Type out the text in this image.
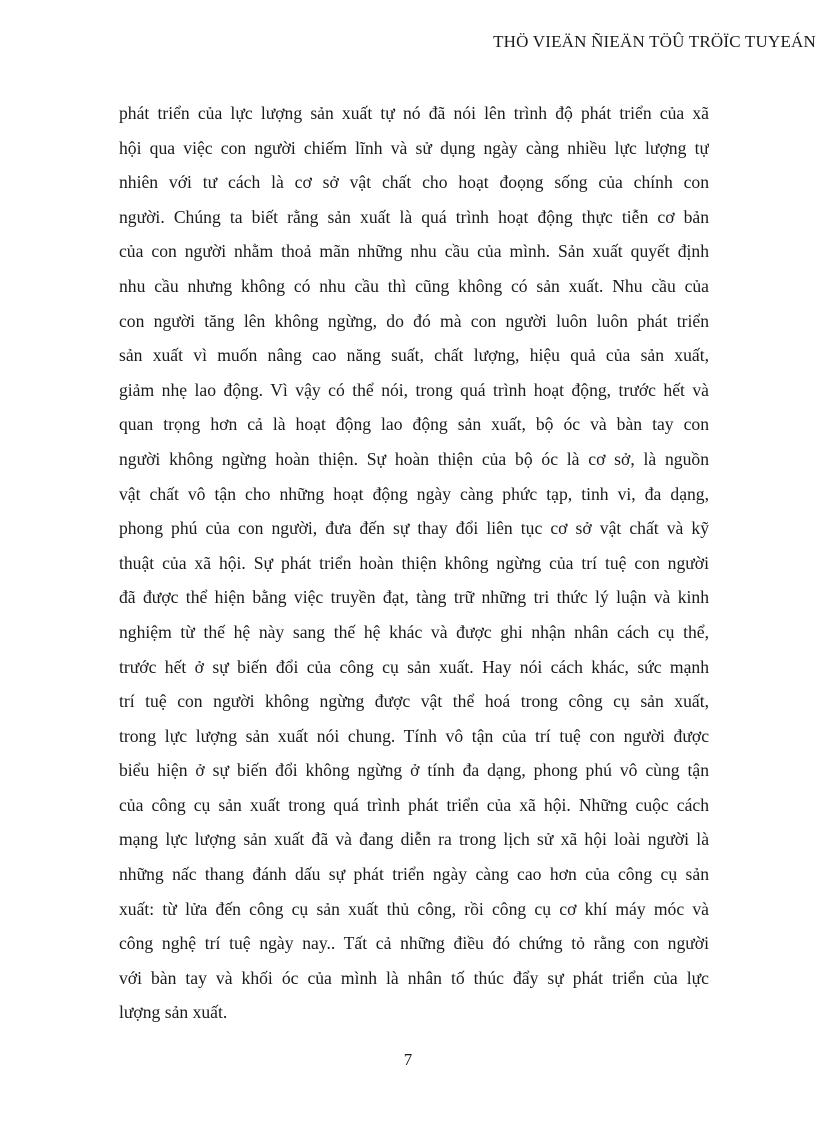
THÖ VIEÄN ÑIEÄN TÖÛ TRÖÏC TUYEÁN
phát triển của lực lượng sản xuất tự nó đã nói lên trình độ phát triển của xã
hội qua việc con người chiếm lĩnh và sử dụng ngày càng nhiều lực lượng tự
nhiên với tư cách là cơ sở vật chất cho hoạt đoọng sống của chính con
người. Chúng ta biết rằng sản xuất là quá trình hoạt động thực tiễn cơ bản
của con người nhằm thoả mãn những nhu cầu của mình. Sản xuất quyết định
nhu cầu nhưng không có nhu cầu thì cũng không có sản xuất. Nhu cầu của
con người tăng lên không ngừng, do đó mà con người luôn luôn phát triển
sản xuất vì muốn nâng cao năng suất, chất lượng, hiệu quả của sản xuất,
giảm nhẹ lao động. Vì vậy có thể nói, trong quá trình hoạt động, trước hết và
quan trọng hơn cả là hoạt động lao động sản xuất, bộ óc và bàn tay con
người không ngừng hoàn thiện. Sự hoàn thiện của bộ óc là cơ sở, là nguồn
vật chất vô tận cho những hoạt động ngày càng phức tạp, tinh vi, đa dạng,
phong phú của con người, đưa đến sự thay đổi liên tục cơ sở vật chất và kỹ
thuật của xã hội. Sự phát triển hoàn thiện không ngừng của trí tuệ con người
đã được thể hiện bằng việc truyền đạt, tàng trữ những tri thức lý luận và kinh
nghiệm từ thế hệ này sang thế hệ khác và được ghi nhận nhân cách cụ thể,
trước hết ở sự biến đổi của công cụ sản xuất. Hay nói cách khác, sức mạnh
trí tuệ con người không ngừng được vật thể hoá trong công cụ sản xuất,
trong lực lượng sản xuất nói chung. Tính vô tận của trí tuệ con người được
biểu hiện ở sự biến đổi không ngừng ở tính đa dạng, phong phú vô cùng tận
của công cụ sản xuất trong quá trình phát triển của xã hội. Những cuộc cách
mạng lực lượng sản xuất đã và đang diễn ra trong lịch sử xã hội loài người là
những nấc thang đánh dấu sự phát triển ngày càng cao hơn của công cụ sản
xuất: từ lửa đến công cụ sản xuất thủ công, rồi công cụ cơ khí máy móc và
công nghệ trí tuệ ngày nay.. Tất cả những điều đó chứng tỏ rằng con người
với bàn tay và khối óc của mình là nhân tố thúc đẩy sự phát triển của lực
lượng sản xuất.
7
